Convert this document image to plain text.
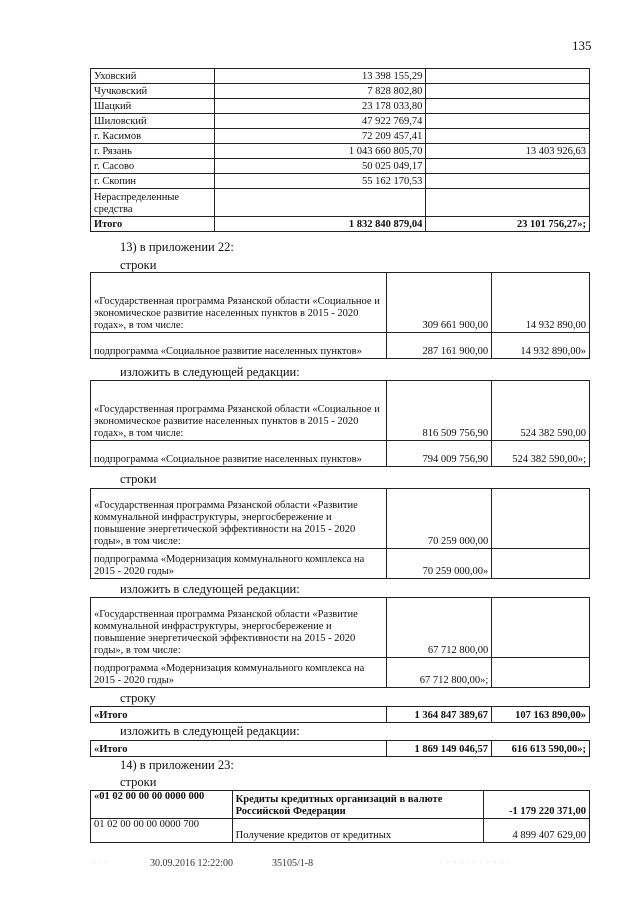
135
Уховский	13 398 155,29	
Чучковский	7 828 802,80	
Шацкий	23 178 033,80	
Шиловский	47 922 769,74	
г. Касимов	72 209 457,41	
г. Рязань	1 043 660 805,70	13 403 926,63
г. Сасово	50 025 049,17	
г. Скопин	55 162 170,53	
Нераспределенные средства		
Итого	1 832 840 879,04	23 101 756,27»;
13) в приложении 22:
строки
«Государственная программа Рязанской области «Социальное и экономическое развитие населенных пунктов в 2015 - 2020 годах», в том числе:	309 661 900,00	14 932 890,00
подпрограмма «Социальное развитие населенных пунктов»	287 161 900,00	14 932 890,00»
изложить в следующей редакции:
«Государственная программа Рязанской области «Социальное и экономическое развитие населенных пунктов в 2015 - 2020 годах», в том числе:	816 509 756,90	524 382 590,00
подпрограмма «Социальное развитие населенных пунктов»	794 009 756,90	524 382 590,00»;
строки
«Государственная программа Рязанской области «Развитие коммунальной инфраструктуры, энергосбережение и повышение энергетической эффективности на 2015 - 2020 годы», в том числе:	70 259 000,00	
подпрограмма «Модернизация коммунального комплекса на 2015 - 2020 годы»	70 259 000,00»	
изложить в следующей редакции:
«Государственная программа Рязанской области «Развитие коммунальной инфраструктуры, энергосбережение и повышение энергетической эффективности на 2015 - 2020 годы», в том числе:	67 712 800,00	
подпрограмма «Модернизация коммунального комплекса на 2015 - 2020 годы»	67 712 800,00»;	
строку
«Итого	1 364 847 389,67	107 163 890,00»
изложить в следующей редакции:
«Итого	1 869 149 046,57	616 613 590,00»;
14) в приложении 23:
строки
«01 02 00 00 00 0000 000	Кредиты кредитных организаций в валюте Российской Федерации	-1 179 220 371,00
01 02 00 00 00 0000 700	Получение кредитов от кредитных	4 899 407 629,00
· · ·	30.09.2016 12:22:00	35105/1-8	· · · · · · · · · · ·
